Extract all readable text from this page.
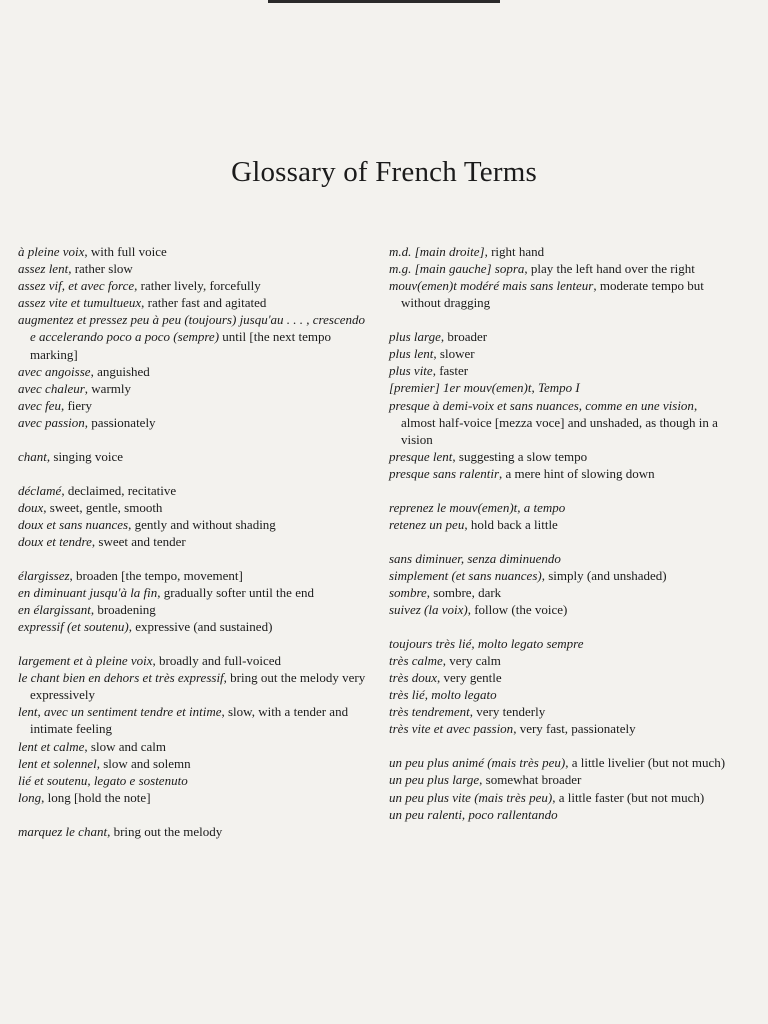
Glossary of French Terms
à pleine voix, with full voice
assez lent, rather slow
assez vif, et avec force, rather lively, forcefully
assez vite et tumultueux, rather fast and agitated
augmentez et pressez peu à peu (toujours) jusqu'au . . . , crescendo e accelerando poco a poco (sempre) until [the next tempo marking]
avec angoisse, anguished
avec chaleur, warmly
avec feu, fiery
avec passion, passionately
chant, singing voice
déclamé, declaimed, recitative
doux, sweet, gentle, smooth
doux et sans nuances, gently and without shading
doux et tendre, sweet and tender
élargissez, broaden [the tempo, movement]
en diminuant jusqu'à la fin, gradually softer until the end
en élargissant, broadening
expressif (et soutenu), expressive (and sustained)
largement et à pleine voix, broadly and full-voiced
le chant bien en dehors et très expressif, bring out the melody very expressively
lent, avec un sentiment tendre et intime, slow, with a tender and intimate feeling
lent et calme, slow and calm
lent et solennel, slow and solemn
lié et soutenu, legato e sostenuto
long, long [hold the note]
marquez le chant, bring out the melody
m.d. [main droite], right hand
m.g. [main gauche] sopra, play the left hand over the right
mouv(emen)t modéré mais sans lenteur, moderate tempo but without dragging
plus large, broader
plus lent, slower
plus vite, faster
[premier] 1er mouv(emen)t, Tempo I
presque à demi-voix et sans nuances, comme en une vision, almost half-voice [mezza voce] and unshaded, as though in a vision
presque lent, suggesting a slow tempo
presque sans ralentir, a mere hint of slowing down
reprenez le mouv(emen)t, a tempo
retenez un peu, hold back a little
sans diminuer, senza diminuendo
simplement (et sans nuances), simply (and unshaded)
sombre, sombre, dark
suivez (la voix), follow (the voice)
toujours très lié, molto legato sempre
très calme, very calm
très doux, very gentle
très lié, molto legato
très tendrement, very tenderly
très vite et avec passion, very fast, passionately
un peu plus animé (mais très peu), a little livelier (but not much)
un peu plus large, somewhat broader
un peu plus vite (mais très peu), a little faster (but not much)
un peu ralenti, poco rallentando
